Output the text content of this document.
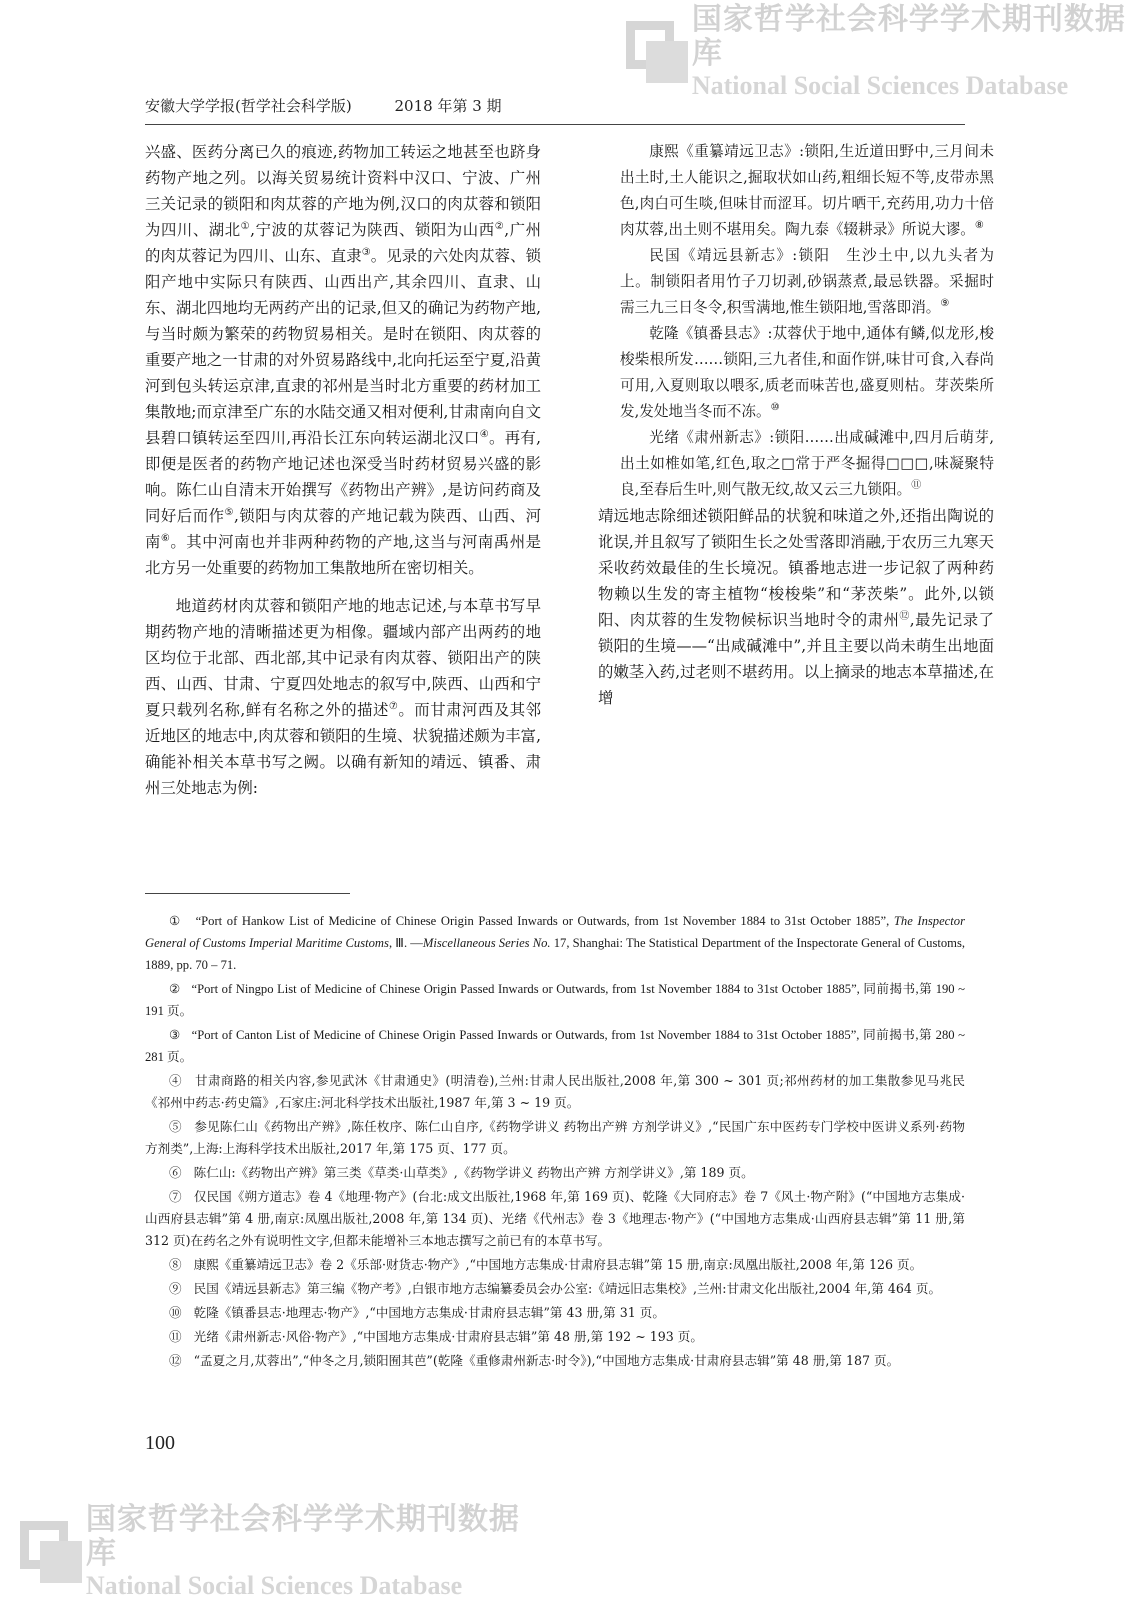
国家哲学社会科学学术期刊数据库
National Social Sciences Database
安徽大学学报(哲学社会科学版)	2018 年第 3 期

兴盛、医药分离已久的痕迹,药物加工转运之地甚至也跻身药物产地之列。以海关贸易统计资料中汉口、宁波、广州三关记录的锁阳和肉苁蓉的产地为例,汉口的肉苁蓉和锁阳为四川、湖北①,宁波的苁蓉记为陕西、锁阳为山西②,广州的肉苁蓉记为四川、山东、直隶③。见录的六处肉苁蓉、锁阳产地中实际只有陕西、山西出产,其余四川、直隶、山东、湖北四地均无两药产出的记录,但又的确记为药物产地,与当时颇为繁荣的药物贸易相关。是时在锁阳、肉苁蓉的重要产地之一甘肃的对外贸易路线中,北向托运至宁夏,沿黄河到包头转运京津,直隶的祁州是当时北方重要的药材加工集散地;而京津至广东的水陆交通又相对便利,甘肃南向自文县碧口镇转运至四川,再沿长江东向转运湖北汉口④。再有,即便是医者的药物产地记述也深受当时药材贸易兴盛的影响。陈仁山自清末开始撰写《药物出产辨》,是访问药商及同好后而作⑤,锁阳与肉苁蓉的产地记载为陕西、山西、河南⑥。其中河南也并非两种药物的产地,这当与河南禹州是北方另一处重要的药物加工集散地所在密切相关。

地道药材肉苁蓉和锁阳产地的地志记述,与本草书写早期药物产地的清晰描述更为相像。疆域内部产出两药的地区均位于北部、西北部,其中记录有肉苁蓉、锁阳出产的陕西、山西、甘肃、宁夏四处地志的叙写中,陕西、山西和宁夏只载列名称,鲜有名称之外的描述⑦。而甘肃河西及其邻近地区的地志中,肉苁蓉和锁阳的生境、状貌描述颇为丰富,确能补相关本草书写之阙。以确有新知的靖远、镇番、肃州三处地志为例:

康熙《重纂靖远卫志》:锁阳,生近道田野中,三月间未出土时,土人能识之,掘取状如山药,粗细长短不等,皮带赤黑色,肉白可生啖,但味甘而涩耳。切片晒干,充药用,功力十倍肉苁蓉,出土则不堪用矣。陶九泰《辍耕录》所说大谬。⑧

民国《靖远县新志》:锁阳　生沙土中,以九头者为上。制锁阳者用竹子刀切剥,砂锅蒸煮,最忌铁器。采掘时需三九三日冬令,积雪满地,惟生锁阳地,雪落即消。⑨

乾隆《镇番县志》:苁蓉伏于地中,通体有鳞,似龙形,梭梭柴根所发……锁阳,三九者佳,和面作饼,味甘可食,入春尚可用,入夏则取以喂豕,质老而味苦也,盛夏则枯。芽茨柴所发,发处地当冬而不冻。⑩

光绪《肃州新志》:锁阳……出咸碱滩中,四月后萌芽,出土如椎如笔,红色,取之□常于严冬掘得□□□,味凝聚特良,至春后生叶,则气散无纹,故又云三九锁阳。⑪

靖远地志除细述锁阳鲜品的状貌和味道之外,还指出陶说的讹误,并且叙写了锁阳生长之处雪落即消融,于农历三九寒天采收药效最佳的生长境况。镇番地志进一步记叙了两种药物赖以生发的寄主植物“梭梭柴”和“茅茨柴”。此外,以锁阳、肉苁蓉的生发物候标识当地时令的肃州⑫,最先记录了锁阳的生境——“出咸碱滩中”,并且主要以尚未萌生出地面的嫩茎入药,过老则不堪药用。以上摘录的地志本草描述,在增

① “Port of Hankow List of Medicine of Chinese Origin Passed Inwards or Outwards, from 1st November 1884 to 31st October 1885”, The Inspector General of Customs Imperial Maritime Customs, Ⅲ. —Miscellaneous Series No. 17, Shanghai: The Statistical Department of the Inspectorate General of Customs, 1889, pp. 70 – 71.

② “Port of Ningpo List of Medicine of Chinese Origin Passed Inwards or Outwards, from 1st November 1884 to 31st October 1885”, 同前揭书,第 190 ~ 191 页。

③ “Port of Canton List of Medicine of Chinese Origin Passed Inwards or Outwards, from 1st November 1884 to 31st October 1885”, 同前揭书,第 280 ~ 281 页。

④ 甘肃商路的相关内容,参见武沐《甘肃通史》(明清卷),兰州:甘肃人民出版社,2008 年,第 300 ~ 301 页;祁州药材的加工集散参见马兆民《祁州中药志·药史篇》,石家庄:河北科学技术出版社,1987 年,第 3 ~ 19 页。

⑤ 参见陈仁山《药物出产辨》,陈任枚序、陈仁山自序,《药物学讲义 药物出产辨 方剂学讲义》,“民国广东中医药专门学校中医讲义系列·药物方剂类”,上海:上海科学技术出版社,2017 年,第 175 页、177 页。

⑥ 陈仁山:《药物出产辨》第三类《草类·山草类》,《药物学讲义 药物出产辨 方剂学讲义》,第 189 页。

⑦ 仅民国《朔方道志》卷 4《地理·物产》(台北:成文出版社,1968 年,第 169 页)、乾隆《大同府志》卷 7《风土·物产附》(“中国地方志集成·山西府县志辑”第 4 册,南京:凤凰出版社,2008 年,第 134 页)、光绪《代州志》卷 3《地理志·物产》(“中国地方志集成·山西府县志辑”第 11 册,第 312 页)在药名之外有说明性文字,但都未能增补三本地志撰写之前已有的本草书写。

⑧ 康熙《重纂靖远卫志》卷 2《乐部·财货志·物产》,“中国地方志集成·甘肃府县志辑”第 15 册,南京:凤凰出版社,2008 年,第 126 页。

⑨ 民国《靖远县新志》第三编《物产考》,白银市地方志编纂委员会办公室:《靖远旧志集校》,兰州:甘肃文化出版社,2004 年,第 464 页。

⑩ 乾隆《镇番县志·地理志·物产》,“中国地方志集成·甘肃府县志辑”第 43 册,第 31 页。

⑪ 光绪《肃州新志·风俗·物产》,“中国地方志集成·甘肃府县志辑”第 48 册,第 192 ~ 193 页。

⑫ “孟夏之月,苁蓉出”,“仲冬之月,锁阳囿其芭”(乾隆《重修肃州新志·时令》),“中国地方志集成·甘肃府县志辑”第 48 册,第 187 页。

100
国家哲学社会科学学术期刊数据库
National Social Sciences Database
